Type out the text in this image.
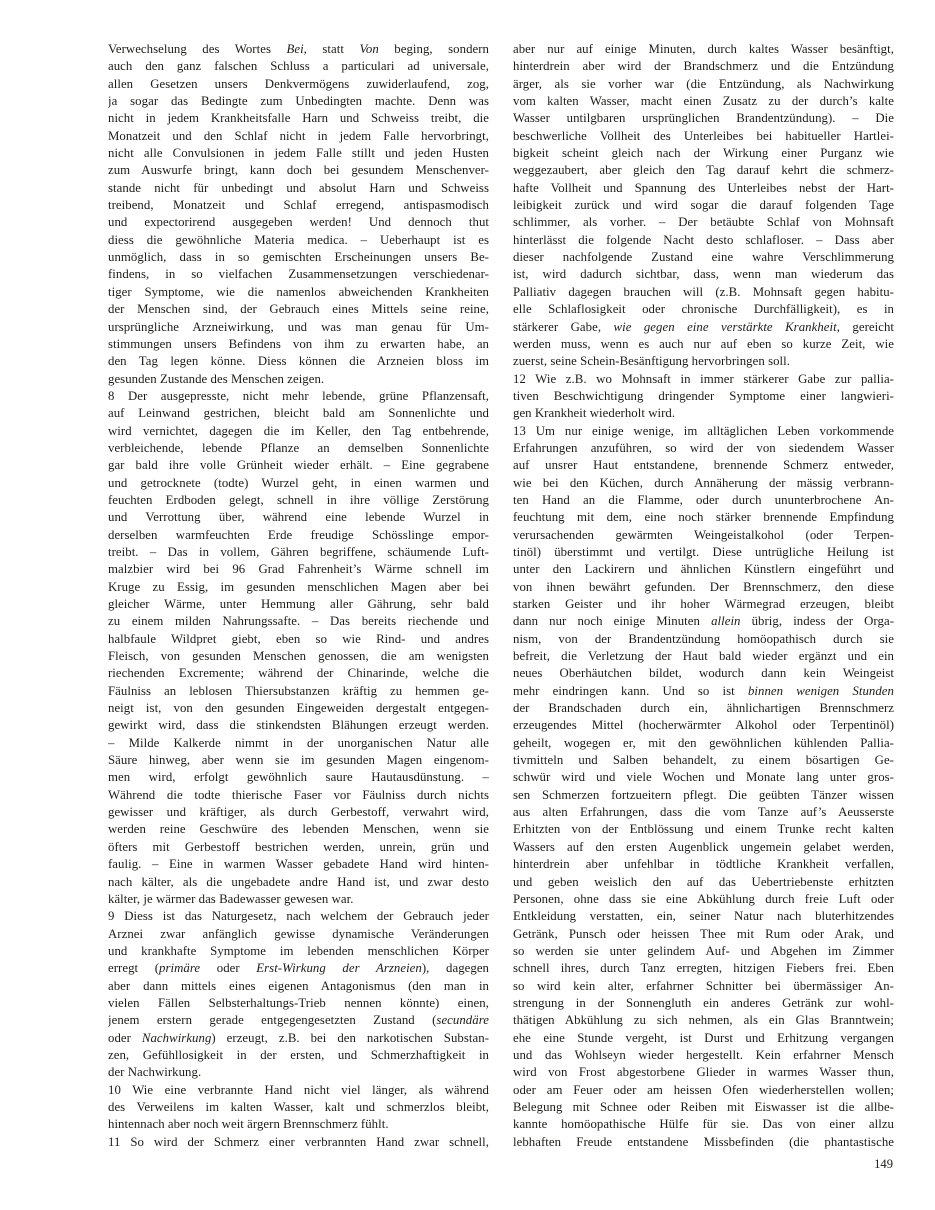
Verwechselung des Wortes Bei, statt Von beging, sondern
auch den ganz falschen Schluss a particulari ad universale,
allen Gesetzen unsers Denkvermögens zuwiderlaufend, zog,
ja sogar das Bedingte zum Unbedingten machte. Denn was
nicht in jedem Krankheitsfalle Harn und Schweiss treibt, die
Monatzeit und den Schlaf nicht in jedem Falle hervorbringt,
nicht alle Convulsionen in jedem Falle stillt und jeden Husten
zum Auswurfe bringt, kann doch bei gesundem Menschenver-
stande nicht für unbedingt und absolut Harn und Schweiss
treibend, Monatzeit und Schlaf erregend, antispasmodisch
und expectorirend ausgegeben werden! Und dennoch thut
diess die gewöhnliche Materia medica. – Ueberhaupt ist es
unmöglich, dass in so gemischten Erscheinungen unsers Be-
findens, in so vielfachen Zusammensetzungen verschiedenar-
tiger Symptome, wie die namenlos abweichenden Krankheiten
der Menschen sind, der Gebrauch eines Mittels seine reine,
ursprüngliche Arzneiwirkung, und was man genau für Um-
stimmungen unsers Befindens von ihm zu erwarten habe, an
den Tag legen könne. Diess können die Arzneien bloss im
gesunden Zustande des Menschen zeigen.
8 Der ausgepresste, nicht mehr lebende, grüne Pflanzensaft,
auf Leinwand gestrichen, bleicht bald am Sonnenlichte und
wird vernichtet, dagegen die im Keller, den Tag entbehrende,
verbleichende, lebende Pflanze an demselben Sonnenlichte
gar bald ihre volle Grünheit wieder erhält. – Eine gegrabene
und getrocknete (todte) Wurzel geht, in einen warmen und
feuchten Erdboden gelegt, schnell in ihre völlige Zerstörung
und Verrottung über, während eine lebende Wurzel in
derselben warmfeuchten Erde freudige Schösslinge empor-
treibt. – Das in vollem, Gähren begriffene, schäumende Luft-
malzbier wird bei 96 Grad Fahrenheit’s Wärme schnell im
Kruge zu Essig, im gesunden menschlichen Magen aber bei
gleicher Wärme, unter Hemmung aller Gährung, sehr bald
zu einem milden Nahrungssafte. – Das bereits riechende und
halbfaule Wildpret giebt, eben so wie Rind- und andres
Fleisch, von gesunden Menschen genossen, die am wenigsten
riechenden Excremente; während der Chinarinde, welche die
Fäulniss an leblosen Thiersubstanzen kräftig zu hemmen ge-
neigt ist, von den gesunden Eingeweiden dergestalt entgegen-
gewirkt wird, dass die stinkendsten Blähungen erzeugt werden.
– Milde Kalkerde nimmt in der unorganischen Natur alle
Säure hinweg, aber wenn sie im gesunden Magen eingenom-
men wird, erfolgt gewöhnlich saure Hautausdünstung. –
Während die todte thierische Faser vor Fäulniss durch nichts
gewisser und kräftiger, als durch Gerbestoff, verwahrt wird,
werden reine Geschwüre des lebenden Menschen, wenn sie
öfters mit Gerbestoff bestrichen werden, unrein, grün und
faulig. – Eine in warmen Wasser gebadete Hand wird hinten-
nach kälter, als die ungebadete andre Hand ist, und zwar desto
kälter, je wärmer das Badewasser gewesen war.
9 Diess ist das Naturgesetz, nach welchem der Gebrauch jeder
Arznei zwar anfänglich gewisse dynamische Veränderungen
und krankhafte Symptome im lebenden menschlichen Körper
erregt (primäre oder Erst-Wirkung der Arzneien), dagegen
aber dann mittels eines eigenen Antagonismus (den man in
vielen Fällen Selbsterhaltungs-Trieb nennen könnte) einen,
jenem erstern gerade entgegengesetzten Zustand (secundäre
oder Nachwirkung) erzeugt, z.B. bei den narkotischen Substan-
zen, Gefühllosigkeit in der ersten, und Schmerzhaftigkeit in
der Nachwirkung.
10 Wie eine verbrannte Hand nicht viel länger, als während
des Verweilens im kalten Wasser, kalt und schmerzlos bleibt,
hintennach aber noch weit ärgern Brennschmerz fühlt.
11 So wird der Schmerz einer verbrannten Hand zwar schnell,
aber nur auf einige Minuten, durch kaltes Wasser besänftigt,
hinterdrein aber wird der Brandschmerz und die Entzündung
ärger, als sie vorher war (die Entzündung, als Nachwirkung
vom kalten Wasser, macht einen Zusatz zu der durch’s kalte
Wasser untilgbaren ursprünglichen Brandentzündung). – Die
beschwerliche Vollheit des Unterleibes bei habitueller Hartlei-
bigkeit scheint gleich nach der Wirkung einer Purganz wie
weggezaubert, aber gleich den Tag darauf kehrt die schmerz-
hafte Vollheit und Spannung des Unterleibes nebst der Hart-
leibigkeit zurück und wird sogar die darauf folgenden Tage
schlimmer, als vorher. – Der betäubte Schlaf von Mohnsaft
hinterlässt die folgende Nacht desto schlafloser. – Dass aber
dieser nachfolgende Zustand eine wahre Verschlimmerung
ist, wird dadurch sichtbar, dass, wenn man wiederum das
Palliativ dagegen brauchen will (z.B. Mohnsaft gegen habitu-
elle Schlaflosigkeit oder chronische Durchfälligkeit), es in
stärkerer Gabe, wie gegen eine verstärkte Krankheit, gereicht
werden muss, wenn es auch nur auf eben so kurze Zeit, wie
zuerst, seine Schein-Besänftigung hervorbringen soll.
12 Wie z.B. wo Mohnsaft in immer stärkerer Gabe zur pallia-
tiven Beschwichtigung dringender Symptome einer langwieri-
gen Krankheit wiederholt wird.
13 Um nur einige wenige, im alltäglichen Leben vorkommende
Erfahrungen anzuführen, so wird der von siedendem Wasser
auf unsrer Haut entstandene, brennende Schmerz entweder,
wie bei den Küchen, durch Annäherung der mässig verbrann-
ten Hand an die Flamme, oder durch ununterbrochene An-
feuchtung mit dem, eine noch stärker brennende Empfindung
verursachenden gewärmten Weingeistalkohol (oder Terpen-
tinöl) überstimmt und vertilgt. Diese untrügliche Heilung ist
unter den Lackirern und ähnlichen Künstlern eingeführt und
von ihnen bewährt gefunden. Der Brennschmerz, den diese
starken Geister und ihr hoher Wärmegrad erzeugen, bleibt
dann nur noch einige Minuten allein übrig, indess der Orga-
nism, von der Brandentzündung homöopathisch durch sie
befreit, die Verletzung der Haut bald wieder ergänzt und ein
neues Oberhäutchen bildet, wodurch dann kein Weingeist
mehr eindringen kann. Und so ist binnen wenigen Stunden
der Brandschaden durch ein, ähnlichartigen Brennschmerz
erzeugendes Mittel (hocherwärmter Alkohol oder Terpentinöl)
geheilt, wogegen er, mit den gewöhnlichen kühlenden Pallia-
tivmitteln und Salben behandelt, zu einem bösartigen Ge-
schwür wird und viele Wochen und Monate lang unter gros-
sen Schmerzen fortzueitern pflegt. Die geübten Tänzer wissen
aus alten Erfahrungen, dass die vom Tanze auf’s Aeusserste
Erhitzten von der Entblössung und einem Trunke recht kalten
Wassers auf den ersten Augenblick ungemein gelabet werden,
hinterdrein aber unfehlbar in tödtliche Krankheit verfallen,
und geben weislich den auf das Uebertriebenste erhitzten
Personen, ohne dass sie eine Abkühlung durch freie Luft oder
Entkleidung verstatten, ein, seiner Natur nach bluterhitzendes
Getränk, Punsch oder heissen Thee mit Rum oder Arak, und
so werden sie unter gelindem Auf- und Abgehen im Zimmer
schnell ihres, durch Tanz erregten, hitzigen Fiebers frei. Eben
so wird kein alter, erfahrner Schnitter bei übermässiger An-
strengung in der Sonnengluth ein anderes Getränk zur wohl-
thätigen Abkühlung zu sich nehmen, als ein Glas Branntwein;
ehe eine Stunde vergeht, ist Durst und Erhitzung vergangen
und das Wohlseyn wieder hergestellt. Kein erfahrner Mensch
wird von Frost abgestorbene Glieder in warmes Wasser thun,
oder am Feuer oder am heissen Ofen wiederherstellen wollen;
Belegung mit Schnee oder Reiben mit Eiswasser ist die allbe-
kannte homöopathische Hülfe für sie. Das von einer allzu
lebhaften Freude entstandene Missbefinden (die phantastische
149
